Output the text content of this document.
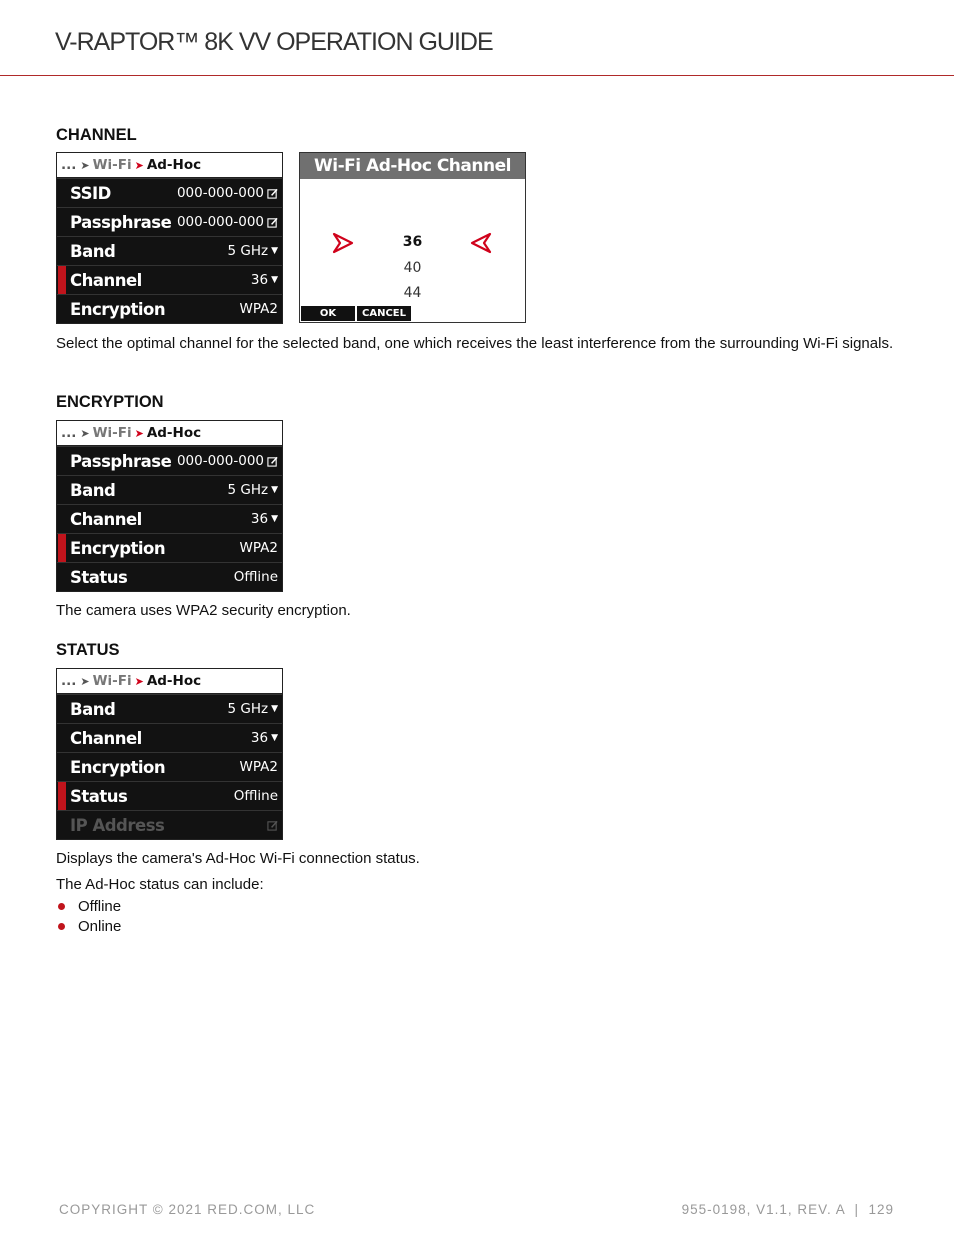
V-RAPTOR™ 8K VV OPERATION GUIDE
CHANNEL
... ➤ Wi-Fi ➤ Ad-Hoc
SSID	000-000-000
Passphrase 000-000-000
Band	5 GHz ▼
Channel	36 ▼
Encryption	WPA2
Wi-Fi Ad-Hoc Channel
36
40
44
OK	CANCEL
Select the optimal channel for the selected band, one which receives the least interference from the surrounding Wi-Fi signals.
ENCRYPTION
... ➤ Wi-Fi ➤ Ad-Hoc
Passphrase 000-000-000
Band	5 GHz ▼
Channel	36 ▼
Encryption	WPA2
Status	Offline
The camera uses WPA2 security encryption.
STATUS
... ➤ Wi-Fi ➤ Ad-Hoc
Band	5 GHz ▼
Channel	36 ▼
Encryption	WPA2
Status	Offline
IP Address
Displays the camera's Ad-Hoc Wi-Fi connection status.
The Ad-Hoc status can include:
Offline
Online
COPYRIGHT © 2021 RED.COM, LLC	955-0198, V1.1, REV. A  |  129
